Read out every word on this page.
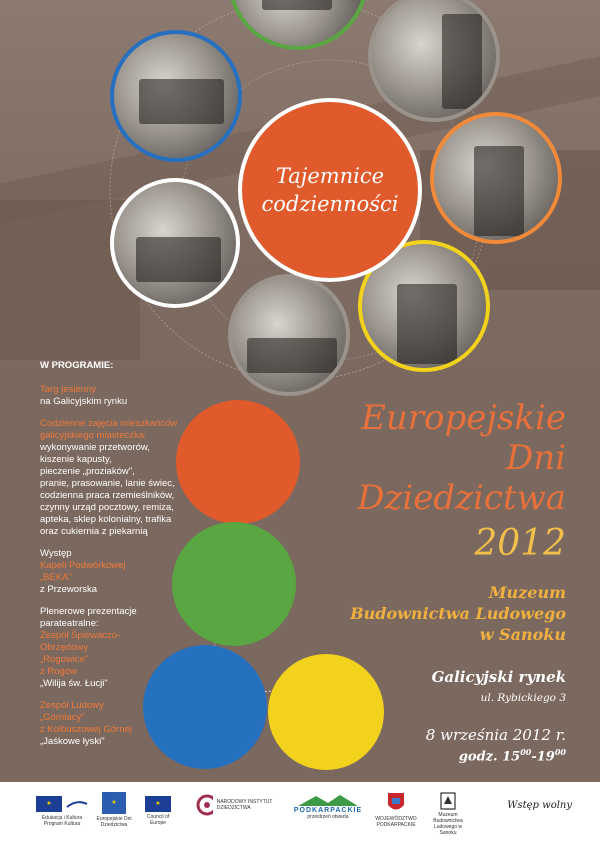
Tajemnice
codzienności
W PROGRAMIE:
Targ jesienny
na Galicyjskim rynku
Codzienne zajęcia mieszkańców
galicyjskiego miasteczka:
wykonywanie przetworów,
kiszenie kapusty,
pieczenie „proziaków",
pranie, prasowanie, lanie świec,
codzienna praca rzemieślników,
czynny urząd pocztowy, remiza,
apteka, sklep kolonialny, trafika
oraz cukiernia z piekarnią
Występ
Kapeli Podwórkowej
„BEKA"
z Przeworska
Plenerowe prezentacje
parateatralne:
Zespół Śpiewaczo-
Obrzędowy
„Rogowice"
z Rogów
„Wilija św. Łucji"
Zespół Ludowy
„Górniacy"
z Kolbuszowej Górnej
„Jaśkowe łyski"
Europejskie
Dni
Dziedzictwa
2012
Muzeum
Budownictwa Ludowego
w Sanoku
Galicyjski rynek
ul. Rybickiego 3
8 września 2012 r.
godz. $15^{00}-19^{00}$
★
Edukacja i Kultura Program Kultura
★
Europejskie Dni Dziedzictwa
★
Council of Europe
NARODOWY INSTYTUT DZIEDZICTWA	PODKARPACKIE
przestrzeń otwarta	WOJEWÓDZTWO PODKARPACKIE
Muzeum Budownictwa Ludowego w Sanoku
Wstęp wolny
